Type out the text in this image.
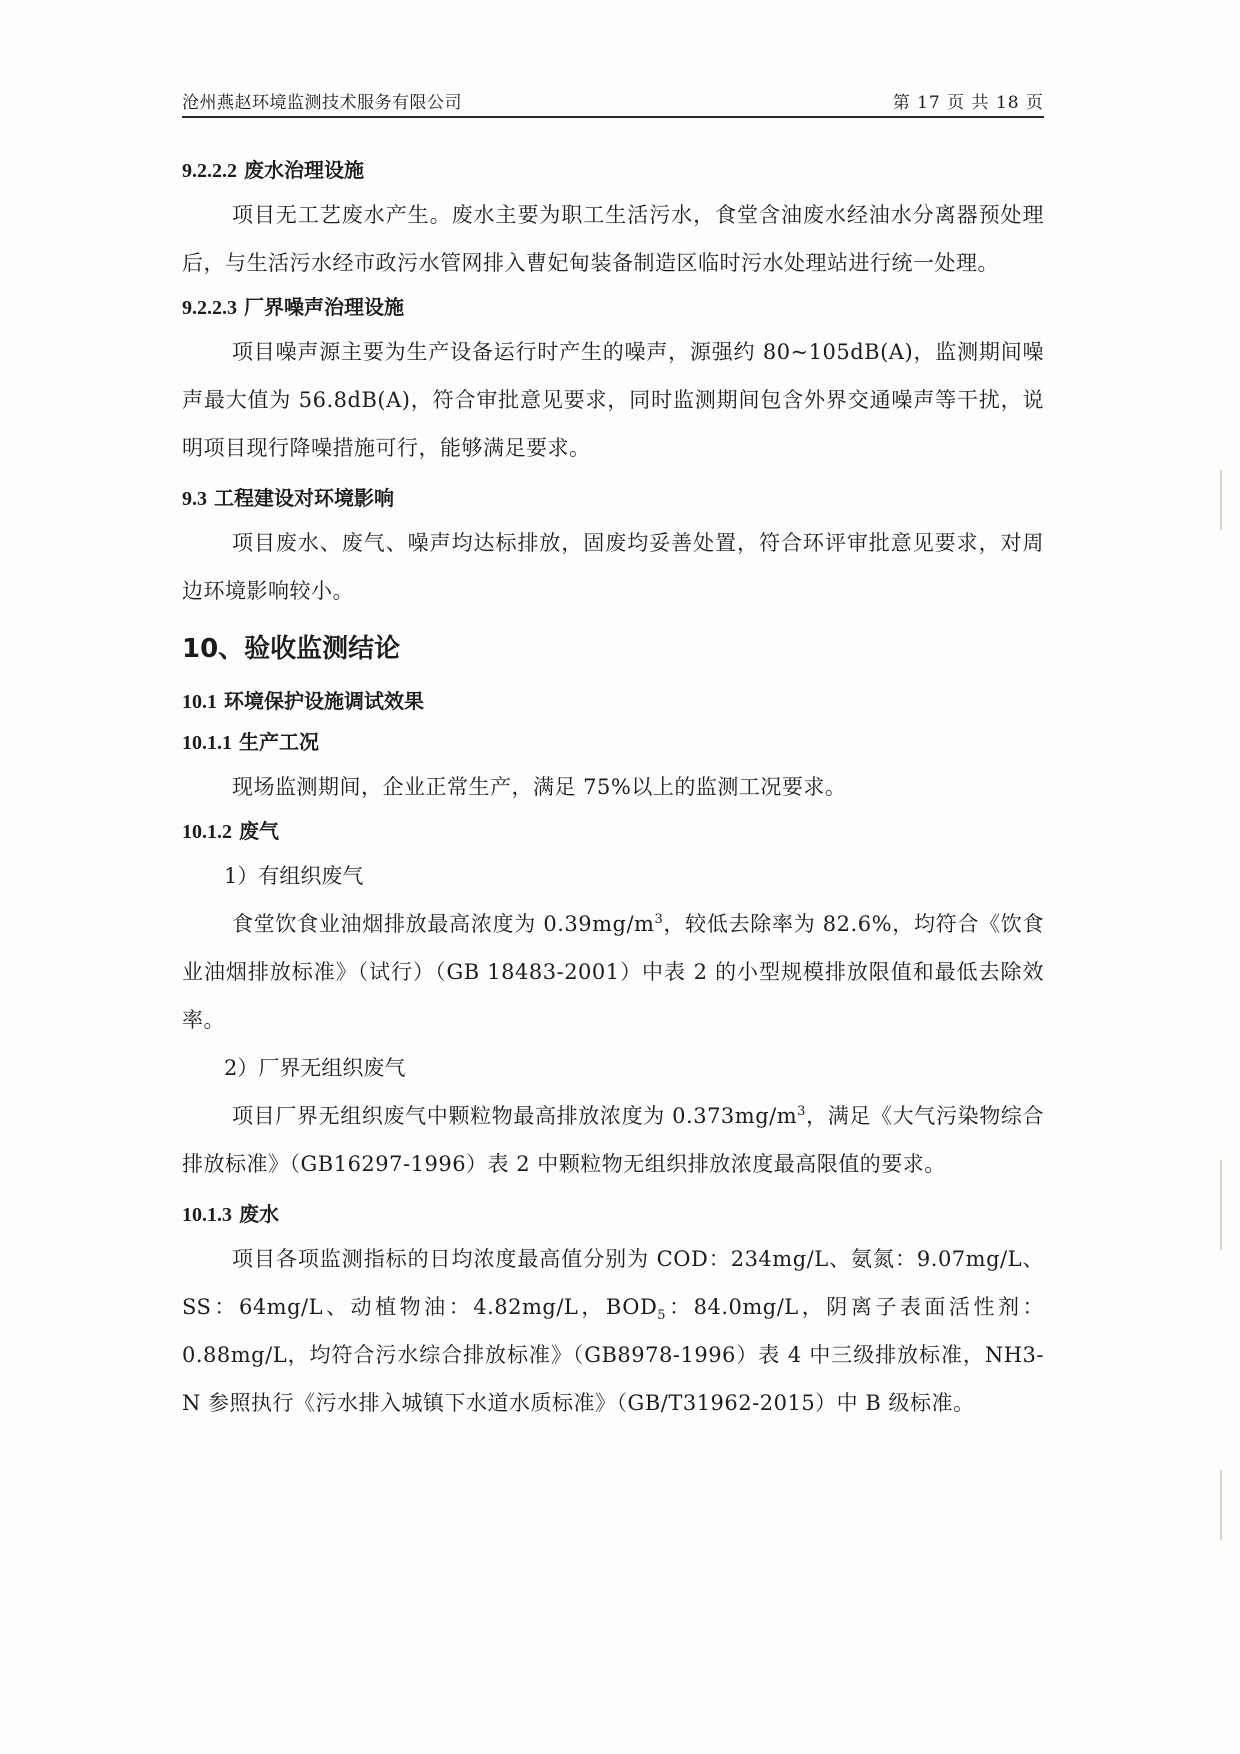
沧州燕赵环境监测技术服务有限公司	第 17 页 共 18 页
9.2.2.2 废水治理设施

项目无工艺废水产生。废水主要为职工生活污水，食堂含油废水经油水分离器预处理后，与生活污水经市政污水管网排入曹妃甸装备制造区临时污水处理站进行统一处理。

9.2.2.3 厂界噪声治理设施

项目噪声源主要为生产设备运行时产生的噪声，源强约 80~105dB(A)，监测期间噪声最大值为 56.8dB(A)，符合审批意见要求，同时监测期间包含外界交通噪声等干扰，说明项目现行降噪措施可行，能够满足要求。

9.3 工程建设对环境影响

项目废水、废气、噪声均达标排放，固废均妥善处置，符合环评审批意见要求，对周边环境影响较小。

10、验收监测结论
10.1 环境保护设施调试效果
10.1.1 生产工况

现场监测期间，企业正常生产，满足 75%以上的监测工况要求。

10.1.2 废气

1）有组织废气

食堂饮食业油烟排放最高浓度为 $0.39mg/m^3$，较低去除率为 82.6%，均符合《饮食业油烟排放标准》（试行）（GB 18483-2001）中表 2 的小型规模排放限值和最低去除效率。

2）厂界无组织废气

项目厂界无组织废气中颗粒物最高排放浓度为 $0.373mg/m^3$，满足《大气污染物综合排放标准》（GB16297-1996）表 2 中颗粒物无组织排放浓度最高限值的要求。

10.1.3 废水

项目各项监测指标的日均浓度最高值分别为 COD：234mg/L、氨氮：9.07mg/L、SS：64mg/L、动植物油：4.82mg/L，$BOD_5$：84.0mg/L，阴离子表面活性剂：0.88mg/L，均符合污水综合排放标准》（GB8978-1996）表 4 中三级排放标准，NH3-N 参照执行《污水排入城镇下水道水质标准》（GB/T31962-2015）中 B 级标准。
